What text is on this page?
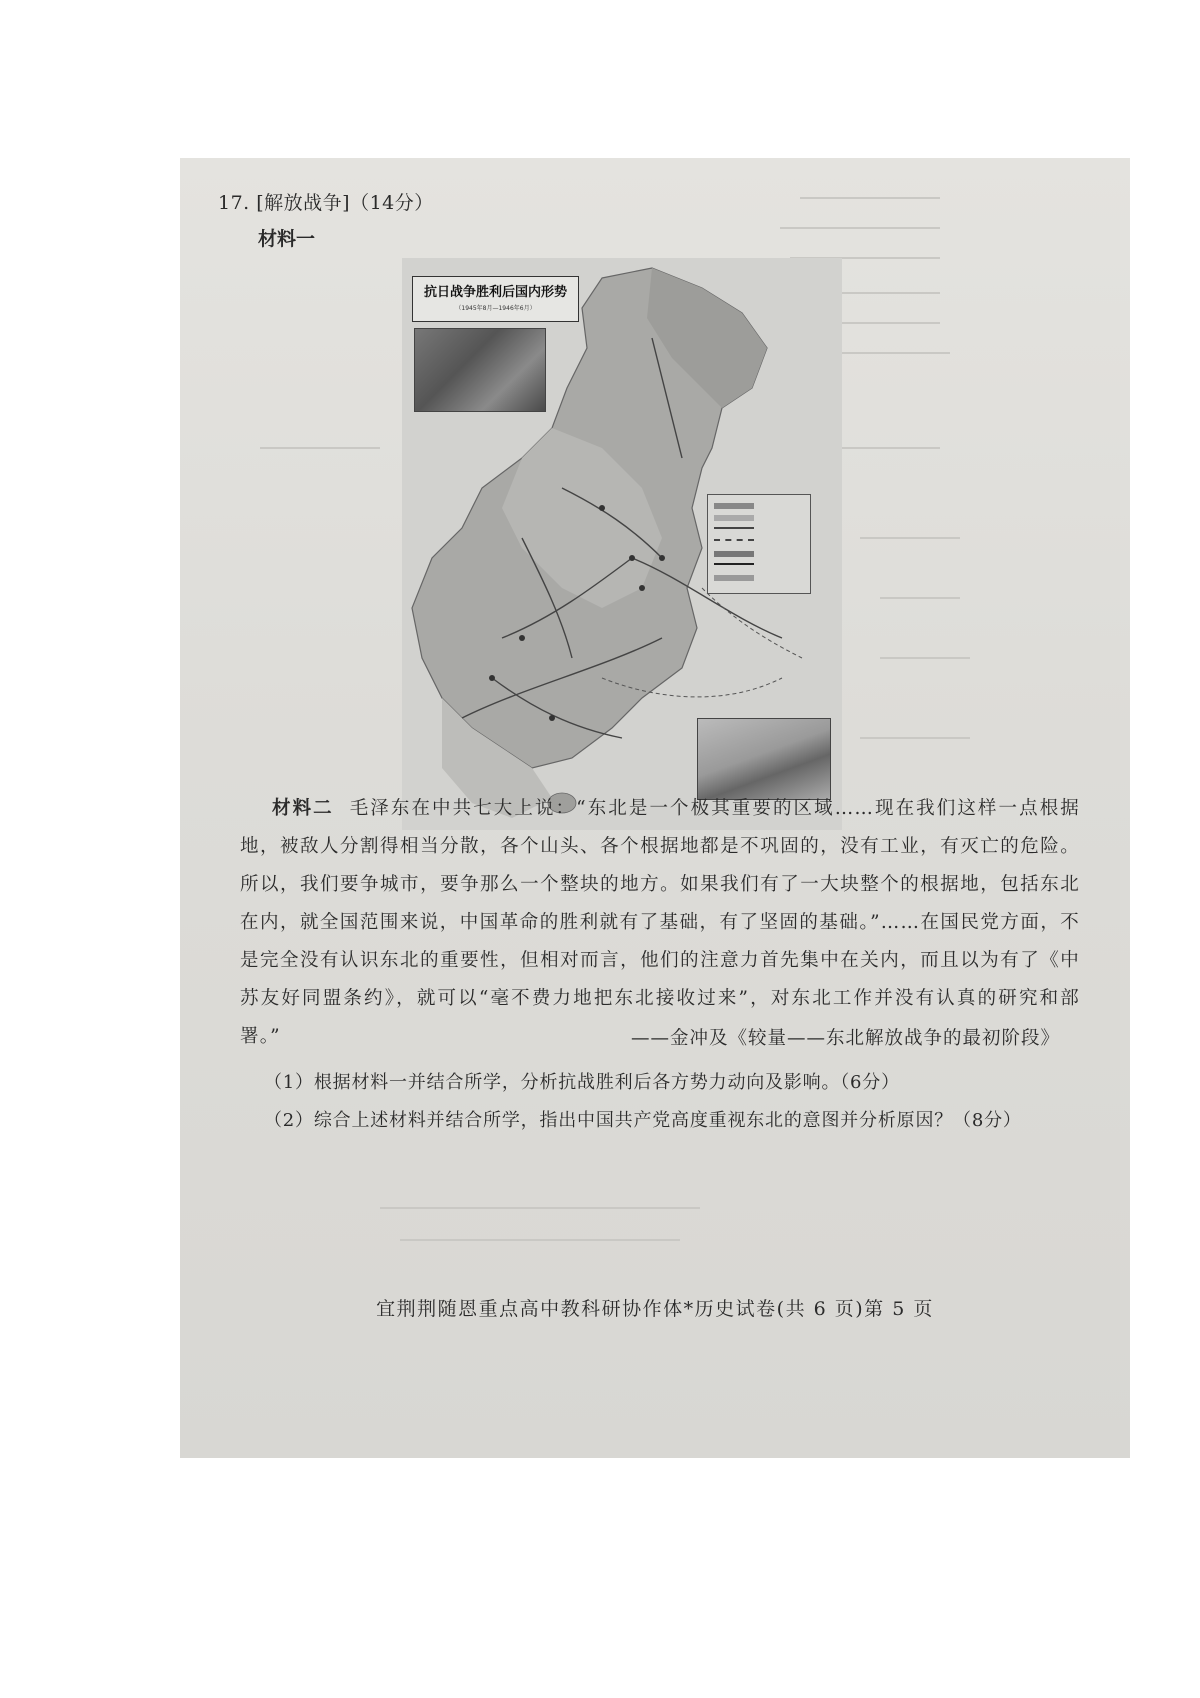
17. [解放战争]（14分）
材料一
抗日战争胜利后国内形势
（1945年8月—1946年6月）

材料二 毛泽东在中共七大上说：“东北是一个极其重要的区域……现在我们这样一点根据地，被敌人分割得相当分散，各个山头、各个根据地都是不巩固的，没有工业，有灭亡的危险。所以，我们要争城市，要争那么一个整块的地方。如果我们有了一大块整个的根据地，包括东北在内，就全国范围来说，中国革命的胜利就有了基础，有了坚固的基础。”……在国民党方面，不是完全没有认识东北的重要性，但相对而言，他们的注意力首先集中在关内，而且以为有了《中苏友好同盟条约》，就可以“毫不费力地把东北接收过来”，对东北工作并没有认真的研究和部署。”	——金冲及《较量——东北解放战争的最初阶段》
（1）根据材料一并结合所学，分析抗战胜利后各方势力动向及影响。（6分）
（2）综合上述材料并结合所学，指出中国共产党高度重视东北的意图并分析原因？（8分）
宜荆荆随恩重点高中教科研协作体*历史试卷(共 6 页)第 5 页
